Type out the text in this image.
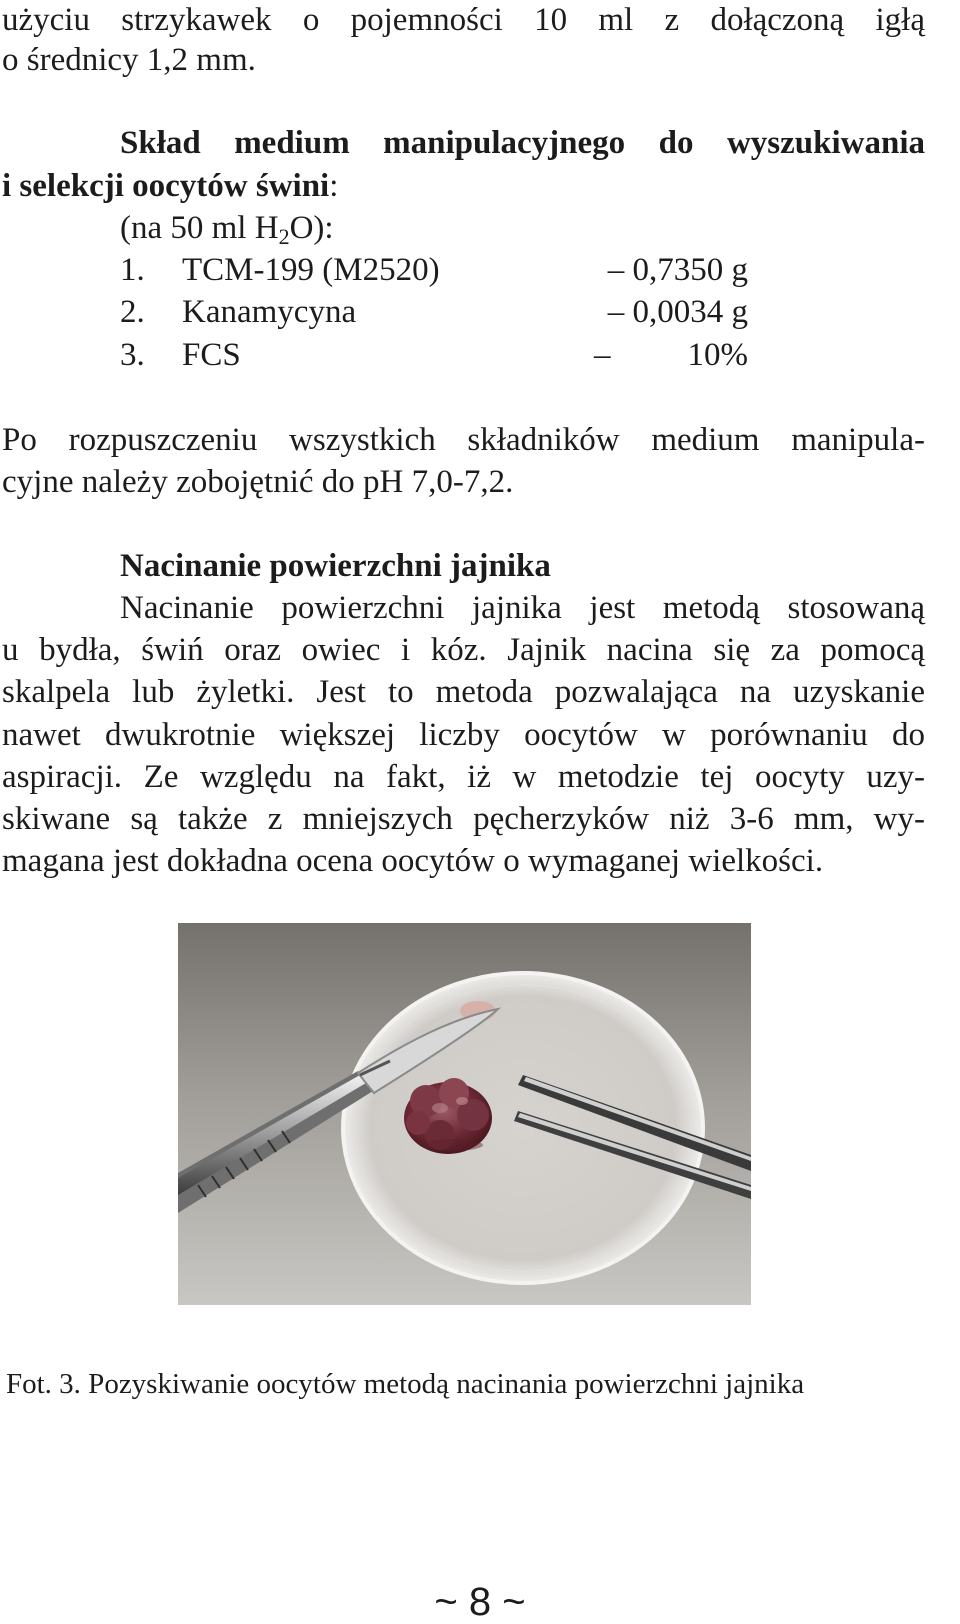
użyciu strzykawek o pojemności 10 ml z dołączoną igłą
o średnicy 1,2 mm.
Skład medium manipulacyjnego do wyszukiwania
i selekcji oocytów świni:
(na 50 ml $H_2O$):
1. TCM-199 (M2520)	– 0,7350 g
2. Kanamycyna	– 0,0034 g
3. FCS	–	10%
Po rozpuszczeniu wszystkich składników medium manipula-
cyjne należy zobojętnić do pH 7,0-7,2.
Nacinanie powierzchni jajnika
Nacinanie powierzchni jajnika jest metodą stosowaną
u bydła, świń oraz owiec i kóz. Jajnik nacina się za pomocą
skalpela lub żyletki. Jest to metoda pozwalająca na uzyskanie
nawet dwukrotnie większej liczby oocytów w porównaniu do
aspiracji. Ze względu na fakt, iż w metodzie tej oocyty uzy-
skiwane są także z mniejszych pęcherzyków niż 3-6 mm, wy-
magana jest dokładna ocena oocytów o wymaganej wielkości.
Fot. 3. Pozyskiwanie oocytów metodą nacinania powierzchni jajnika
~ 8 ~
